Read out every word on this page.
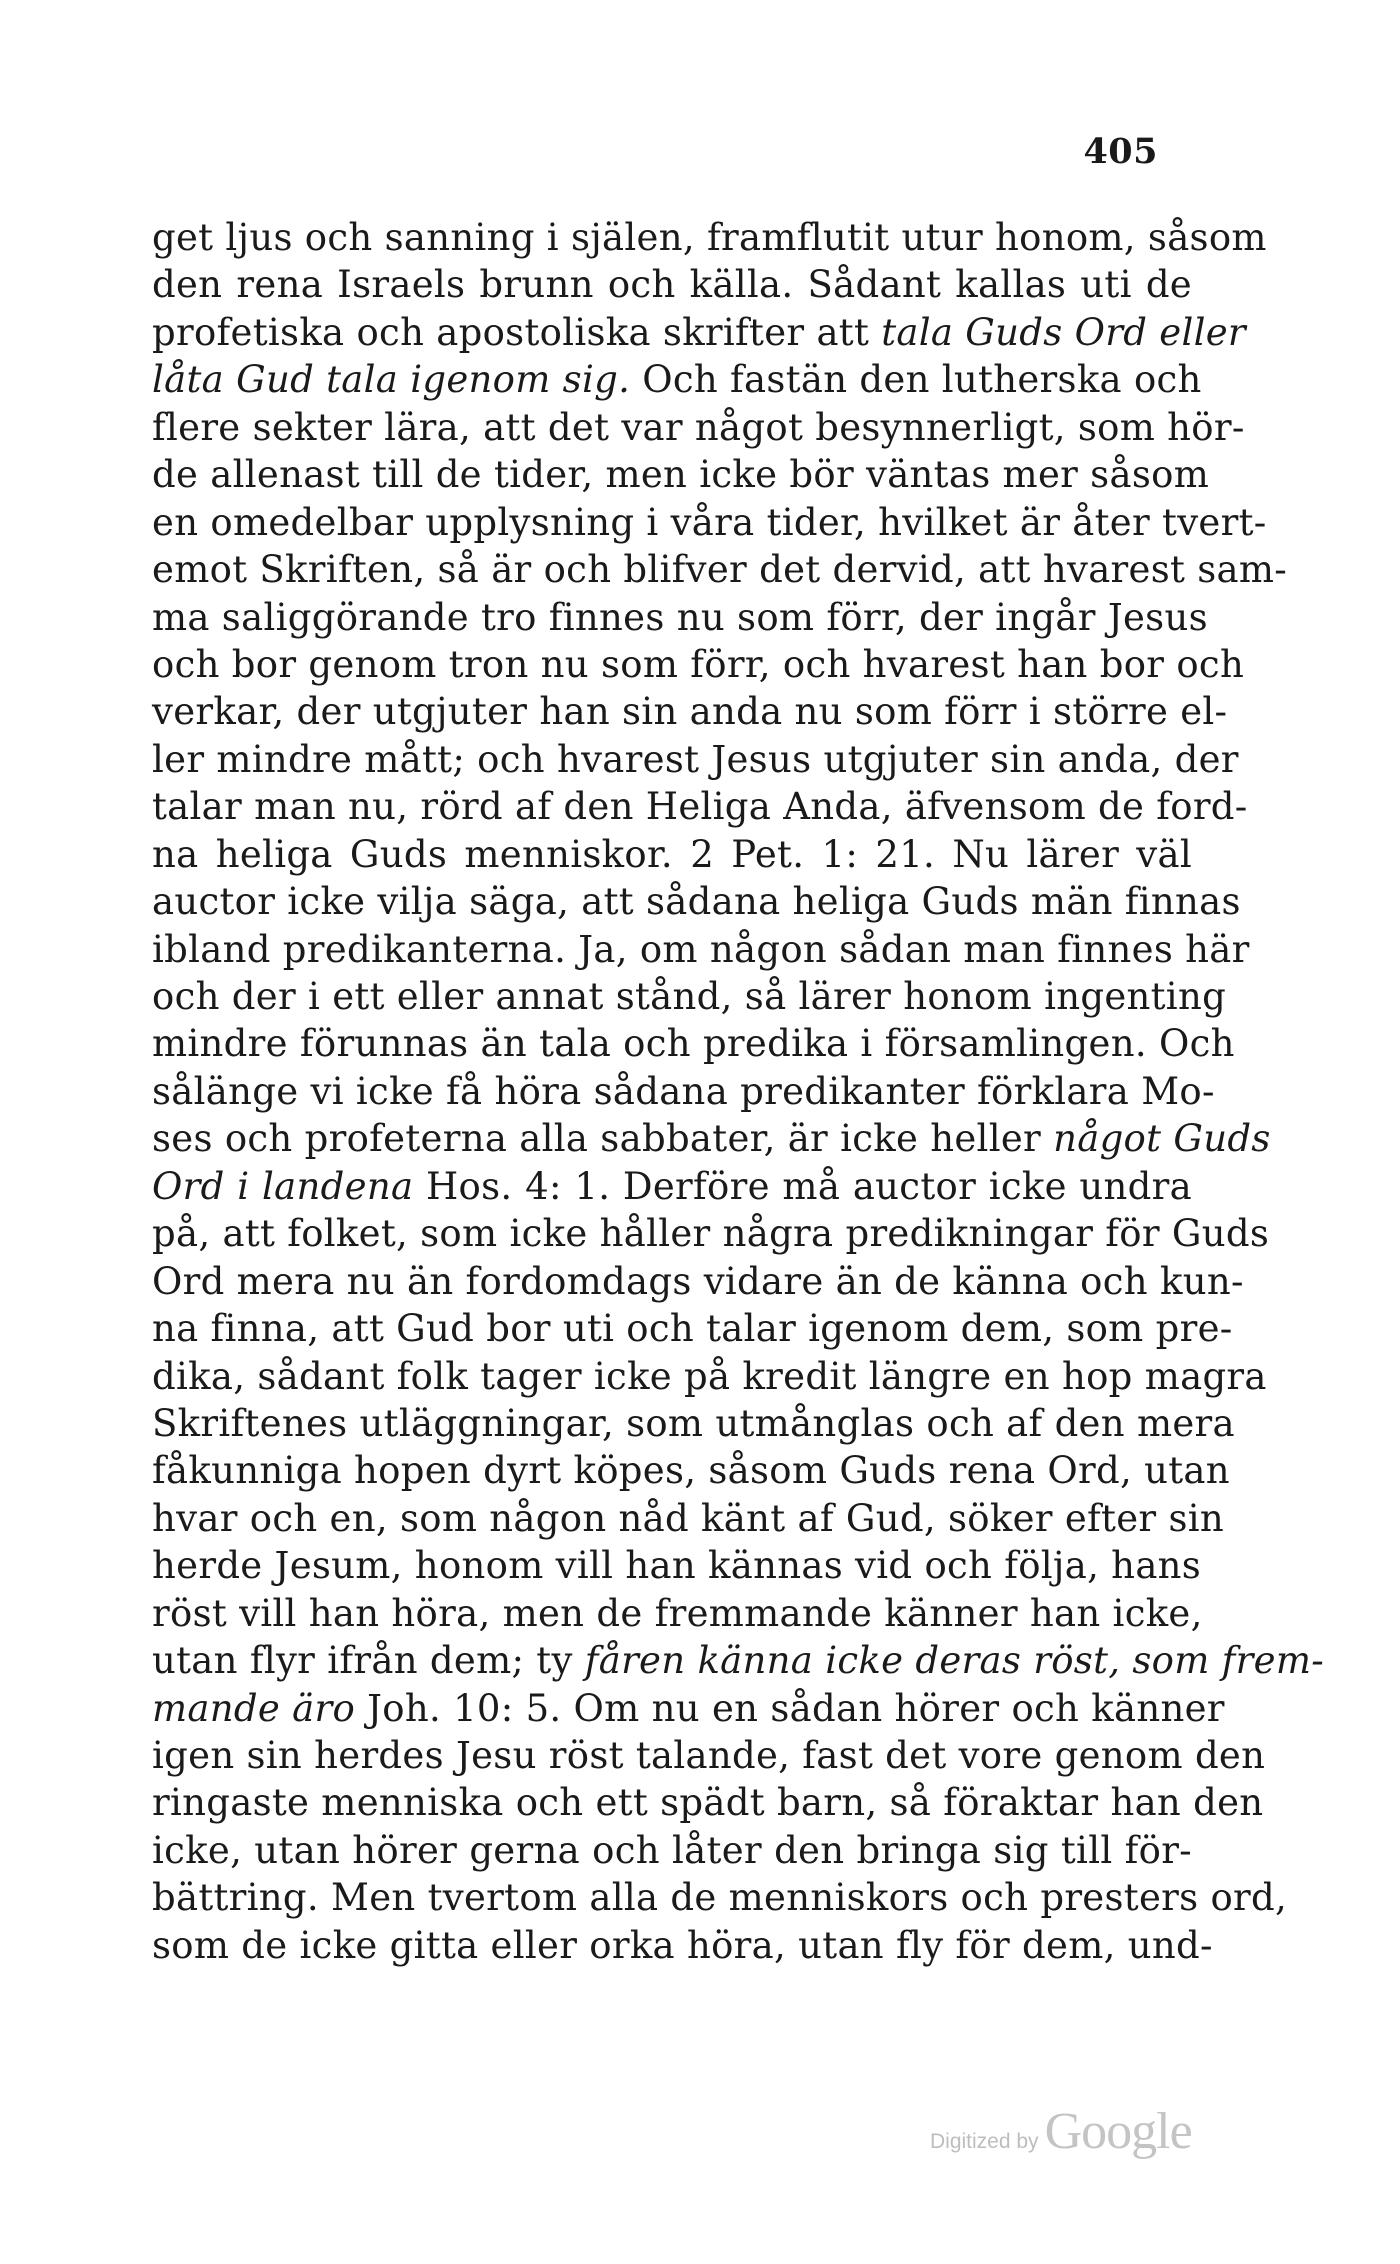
405
get ljus och sanning i själen, framflutit utur honom, såsom
den rena Israels brunn och källa. Sådant kallas uti de
profetiska och apostoliska skrifter att tala Guds Ord eller
låta Gud tala igenom sig. Och fastän den lutherska och
flere sekter lära, att det var något besynnerligt, som hör-
de allenast till de tider, men icke bör väntas mer såsom
en omedelbar upplysning i våra tider, hvilket är åter tvert-
emot Skriften, så är och blifver det dervid, att hvarest sam-
ma saliggörande tro finnes nu som förr, der ingår Jesus
och bor genom tron nu som förr, och hvarest han bor och
verkar, der utgjuter han sin anda nu som förr i större el-
ler mindre mått; och hvarest Jesus utgjuter sin anda, der
talar man nu, rörd af den Heliga Anda, äfvensom de ford-
na heliga Guds menniskor. 2 Pet. 1: 21. Nu lärer väl
auctor icke vilja säga, att sådana heliga Guds män finnas
ibland predikanterna. Ja, om någon sådan man finnes här
och der i ett eller annat stånd, så lärer honom ingenting
mindre förunnas än tala och predika i församlingen. Och
sålänge vi icke få höra sådana predikanter förklara Mo-
ses och profeterna alla sabbater, är icke heller något Guds
Ord i landena Hos. 4: 1. Derföre må auctor icke undra
på, att folket, som icke håller några predikningar för Guds
Ord mera nu än fordomdags vidare än de känna och kun-
na finna, att Gud bor uti och talar igenom dem, som pre-
dika, sådant folk tager icke på kredit längre en hop magra
Skriftenes utläggningar, som utmånglas och af den mera
fåkunniga hopen dyrt köpes, såsom Guds rena Ord, utan
hvar och en, som någon nåd känt af Gud, söker efter sin
herde Jesum, honom vill han kännas vid och följa, hans
röst vill han höra, men de fremmande känner han icke,
utan flyr ifrån dem; ty fåren känna icke deras röst, som frem-
mande äro Joh. 10: 5. Om nu en sådan hörer och känner
igen sin herdes Jesu röst talande, fast det vore genom den
ringaste menniska och ett spädt barn, så föraktar han den
icke, utan hörer gerna och låter den bringa sig till för-
bättring. Men tvertom alla de menniskors och presters ord,
som de icke gitta eller orka höra, utan fly för dem, und-
Digitized by Google
